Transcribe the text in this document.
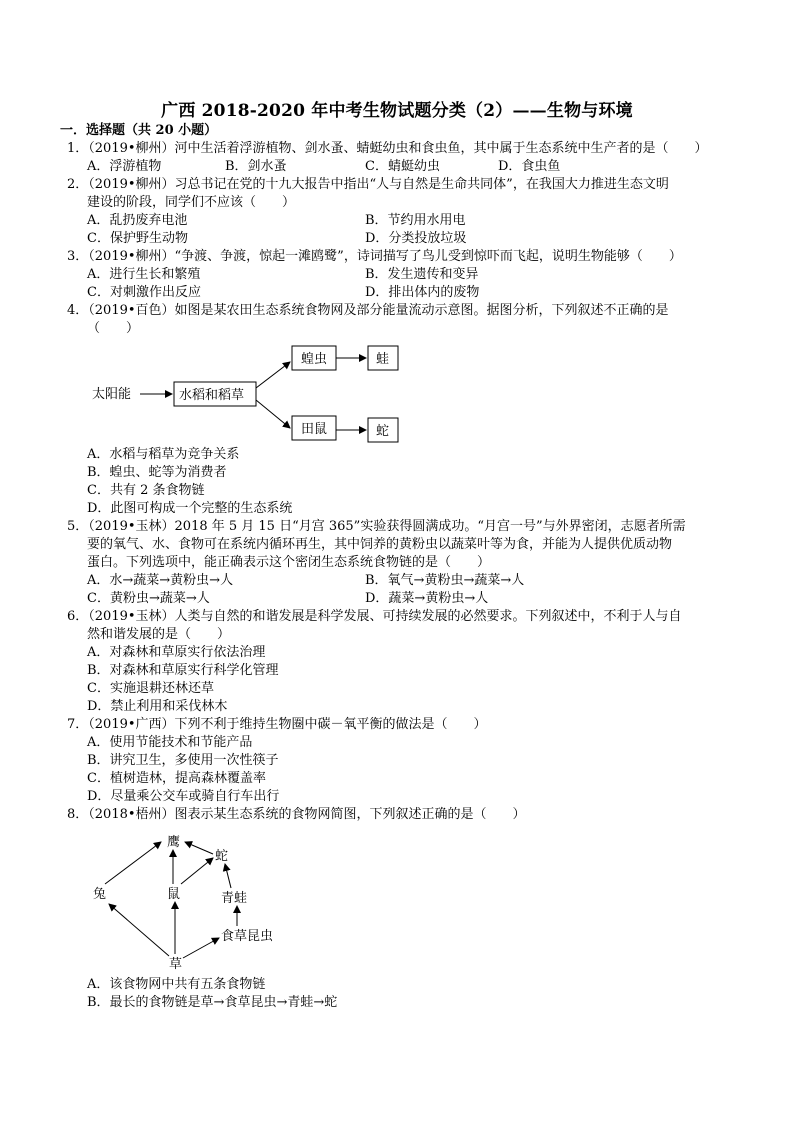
广西 2018-2020 年中考生物试题分类（2）——生物与环境
一．选择题（共 20 小题）
1．（2019•柳州）河中生活着浮游植物、剑水蚤、蜻蜓幼虫和食虫鱼，其中属于生态系统中生产者的是（　　）
A．浮游植物	B．剑水蚤	C．蜻蜓幼虫	D．食虫鱼
2．（2019•柳州）习总书记在党的十九大报告中指出“人与自然是生命共同体”，在我国大力推进生态文明
建设的阶段，同学们不应该（　　）
A．乱扔废弃电池	B．节约用水用电
C．保护野生动物	D．分类投放垃圾
3．（2019•柳州）“争渡、争渡，惊起一滩鸥鹭”，诗词描写了鸟儿受到惊吓而飞起，说明生物能够（　　）
A．进行生长和繁殖	B．发生遗传和变异
C．对刺激作出反应	D．排出体内的废物
4．（2019•百色）如图是某农田生态系统食物网及部分能量流动示意图。据图分析，下列叙述不正确的是
（　　）
太阳能	水稻和稻草
蝗虫	蛙
田鼠	蛇
A．水稻与稻草为竞争关系
B．蝗虫、蛇等为消费者
C．共有 2 条食物链
D．此图可构成一个完整的生态系统
5．（2019•玉林）2018 年 5 月 15 日“月宫 365”实验获得圆满成功。“月宫一号”与外界密闭，志愿者所需
要的氧气、水、食物可在系统内循环再生，其中饲养的黄粉虫以蔬菜叶等为食，并能为人提供优质动物
蛋白。下列选项中，能正确表示这个密闭生态系统食物链的是（　　）
A．水→蔬菜→黄粉虫→人	B．氧气→黄粉虫→蔬菜→人
C．黄粉虫→蔬菜→人	D．蔬菜→黄粉虫→人
6．（2019•玉林）人类与自然的和谐发展是科学发展、可持续发展的必然要求。下列叙述中，不利于人与自
然和谐发展的是（　　）
A．对森林和草原实行依法治理
B．对森林和草原实行科学化管理
C．实施退耕还林还草
D．禁止利用和采伐林木
7．（2019•广西）下列不利于维持生物圈中碳－氧平衡的做法是（　　）
A．使用节能技术和节能产品
B．讲究卫生，多使用一次性筷子
C．植树造林，提高森林覆盖率
D．尽量乘公交车或骑自行车出行
8．（2018•梧州）图表示某生态系统的食物网简图，下列叙述正确的是（　　）
鹰
蛇
兔	鼠	青蛙
食草昆虫
草
A．该食物网中共有五条食物链
B．最长的食物链是草→食草昆虫→青蛙→蛇
